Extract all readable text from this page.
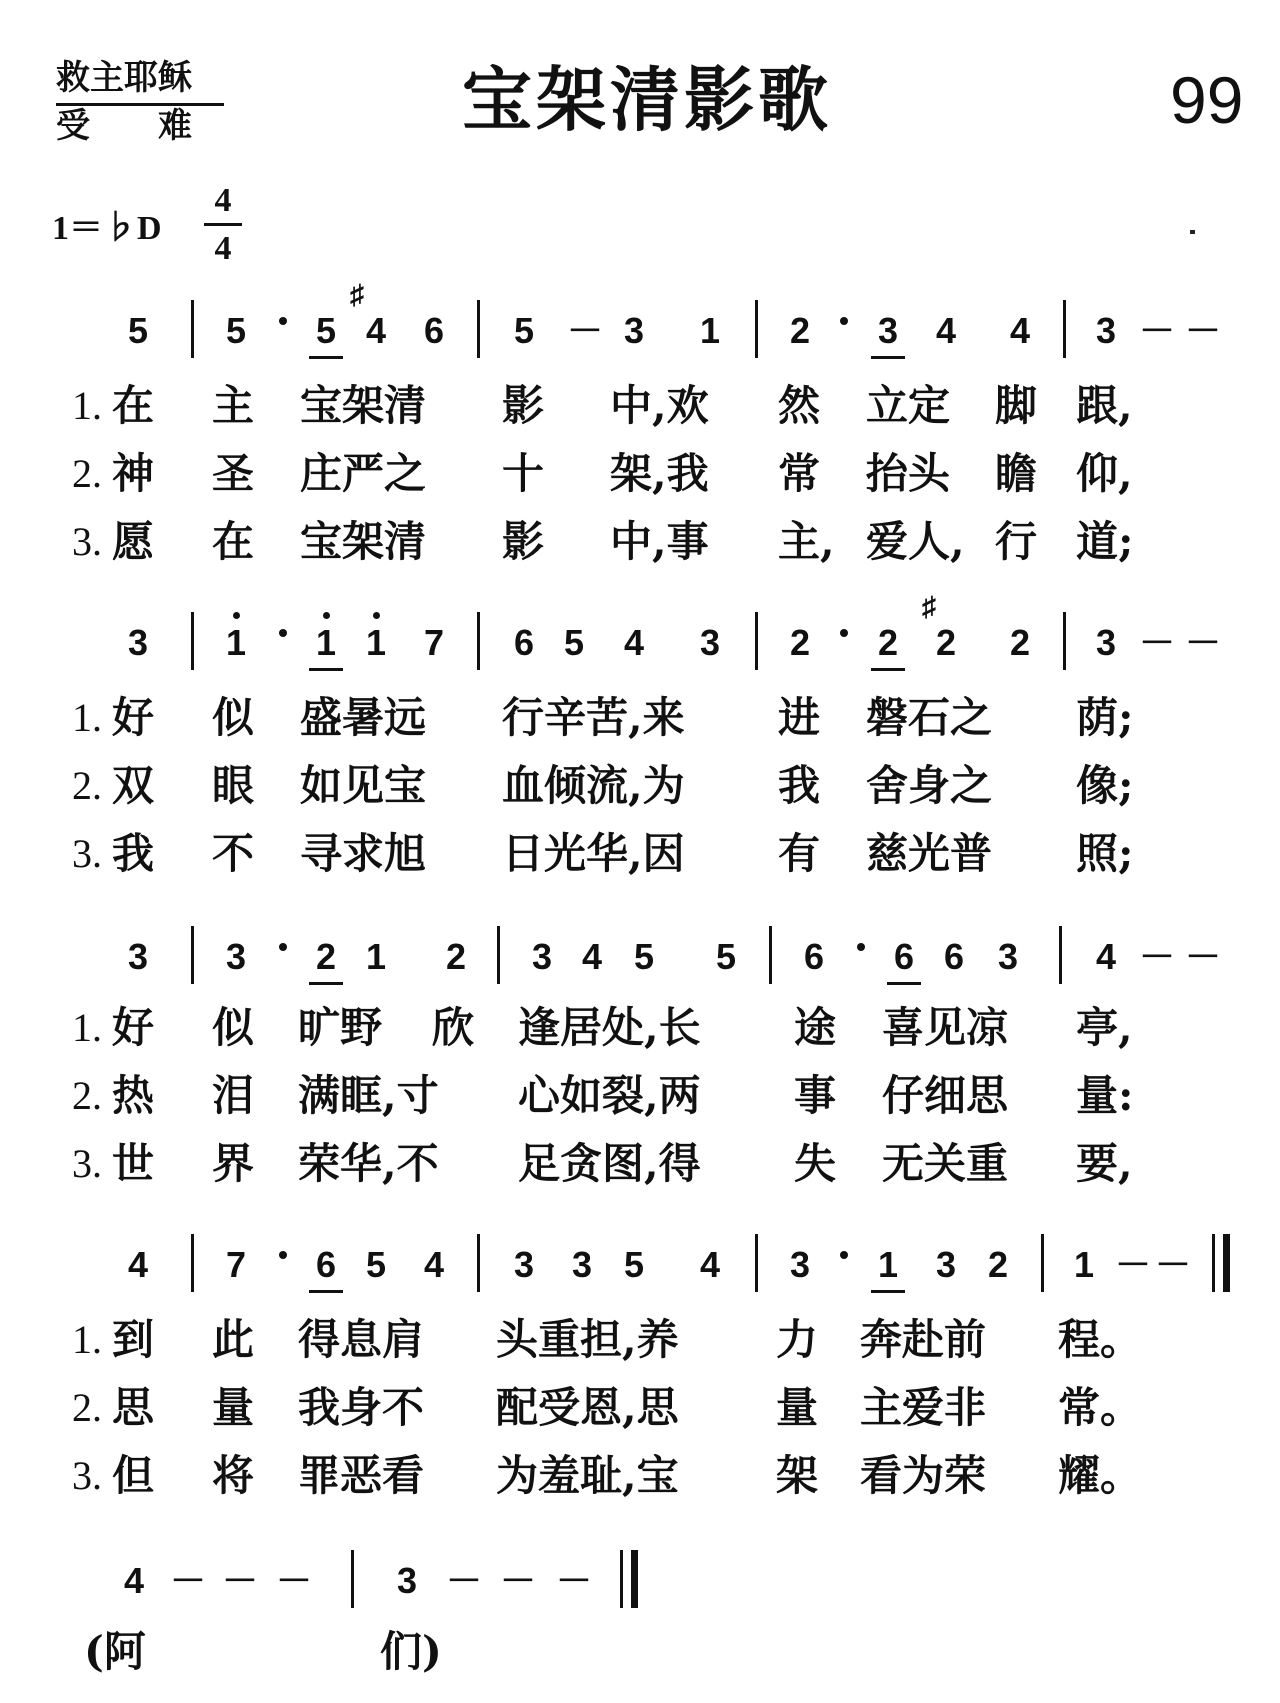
救主耶稣
受　　难	宝架清影歌	99
1＝♭D
4
4
5 5 5
♯
4 6 5 － 3 1 2 3 4 4 3 － －
1. 在 主 宝架清 影 中,欢 然 立定 脚 跟,
2. 神 圣 庄严之 十 架,我 常 抬头 瞻 仰,
3. 愿 在 宝架清 影 中,事 主, 爱人, 行 道;
3 1 1 1 7 6 5 4 3 2 2
♯
2 2 3 － －
1. 好 似 盛暑远 行辛苦,来 进 磐石之 荫;
2. 双 眼 如见宝 血倾流,为 我 舍身之 像;
3. 我 不 寻求旭 日光华,因 有 慈光普 照;
3 3 2 1 2 3 4 5 5 6 6 6 3 4 － －
1. 好 似 旷野 欣 逢居处,长 途 喜见凉 亭,
2. 热 泪 满眶,寸 心如裂,两 事 仔细思 量:
3. 世 界 荣华,不 足贪图,得 失 无关重 要,
4 7 6 5 4 3 3 5 4 3 1 3 2 1 － －
1. 到 此 得息肩 头重担,养 力 奔赴前 程。
2. 思 量 我身不 配受恩,思 量 主爱非 常。
3. 但 将 罪恶看 为羞耻,宝 架 看为荣 耀。
4 － － － 3 － － －
(阿	们)
